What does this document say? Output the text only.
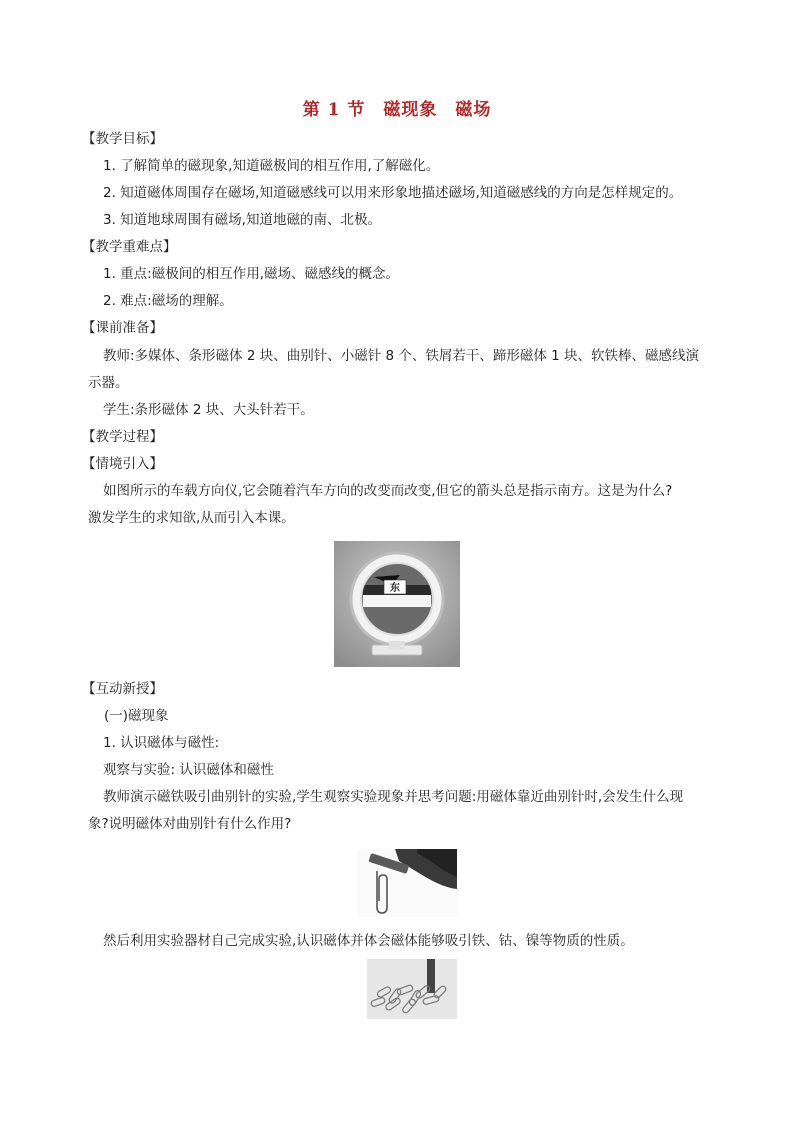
第 1 节　磁现象　磁场
【教学目标】
1. 了解简单的磁现象,知道磁极间的相互作用,了解磁化。
2. 知道磁体周围存在磁场,知道磁感线可以用来形象地描述磁场,知道磁感线的方向是怎样规定的。
3. 知道地球周围有磁场,知道地磁的南、北极。
【教学重难点】
1. 重点:磁极间的相互作用,磁场、磁感线的概念。
2. 难点:磁场的理解。
【课前准备】
教师:多媒体、条形磁体 2 块、曲别针、小磁针 8 个、铁屑若干、蹄形磁体 1 块、软铁棒、磁感线演
示器。
学生:条形磁体 2 块、大头针若干。
【教学过程】
【情境引入】
如图所示的车载方向仪,它会随着汽车方向的改变而改变,但它的箭头总是指示南方。这是为什么?
激发学生的求知欲,从而引入本课。
东
【互动新授】
(一)磁现象
1. 认识磁体与磁性:
观察与实验: 认识磁体和磁性
教师演示磁铁吸引曲别针的实验,学生观察实验现象并思考问题:用磁体靠近曲别针时,会发生什么现
象?说明磁体对曲别针有什么作用?
然后利用实验器材自己完成实验,认识磁体并体会磁体能够吸引铁、钴、镍等物质的性质。
